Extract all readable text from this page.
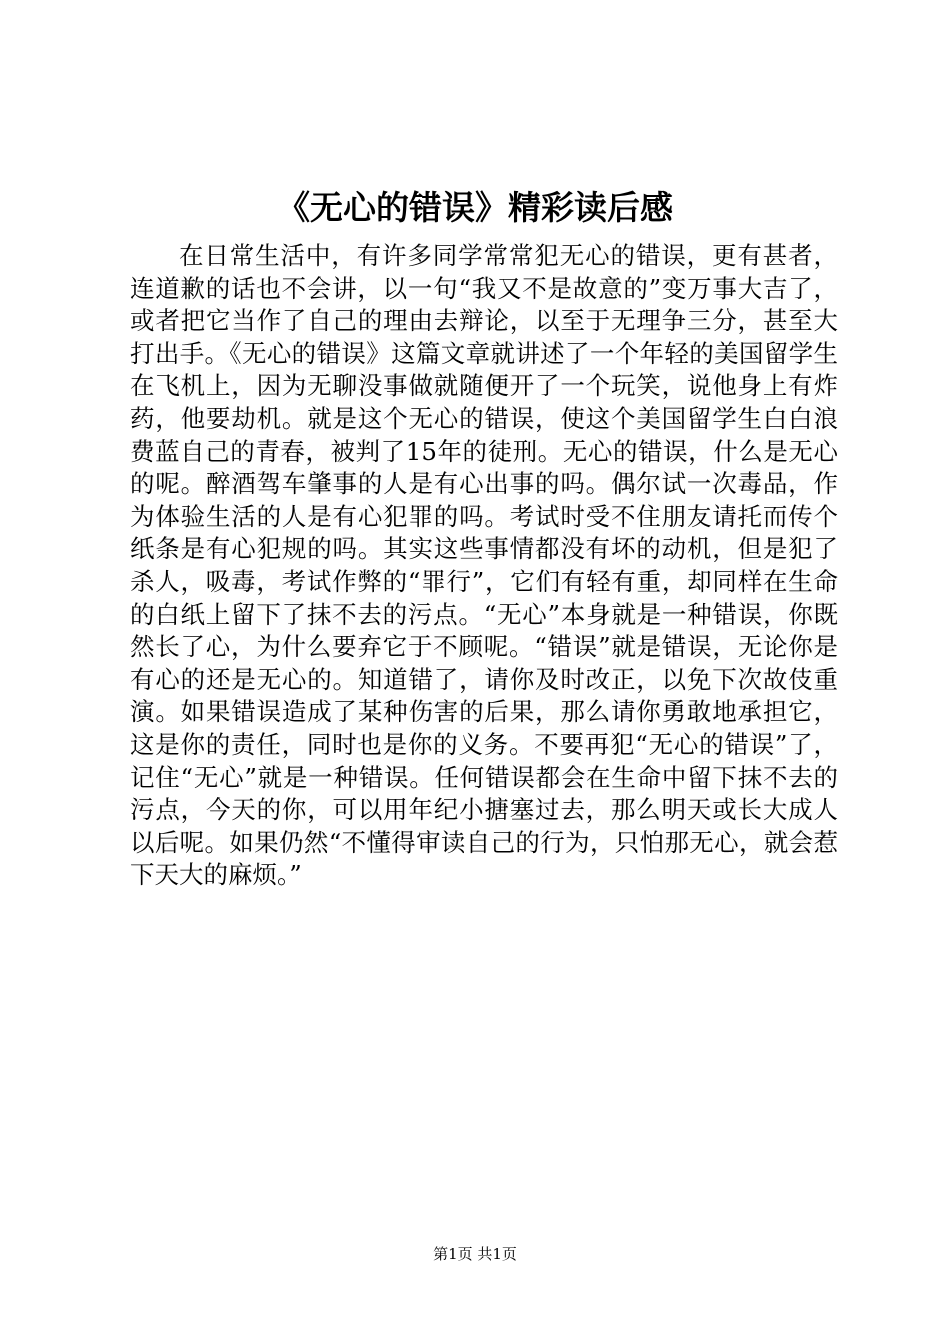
《无心的错误》精彩读后感

在日常生活中，有许多同学常常犯无心的错误，更有甚者，连道歉的话也不会讲，以一句“我又不是故意的”变万事大吉了，或者把它当作了自己的理由去辩论，以至于无理争三分，甚至大打出手。《无心的错误》这篇文章就讲述了一个年轻的美国留学生在飞机上，因为无聊没事做就随便开了一个玩笑，说他身上有炸药，他要劫机。就是这个无心的错误，使这个美国留学生白白浪费蓝自己的青春，被判了15年的徒刑。无心的错误，什么是无心的呢。醉酒驾车肇事的人是有心出事的吗。偶尔试一次毒品，作为体验生活的人是有心犯罪的吗。考试时受不住朋友请托而传个纸条是有心犯规的吗。其实这些事情都没有坏的动机，但是犯了杀人，吸毒，考试作弊的“罪行”，它们有轻有重，却同样在生命的白纸上留下了抹不去的污点。“无心”本身就是一种错误，你既然长了心，为什么要弃它于不顾呢。“错误”就是错误，无论你是有心的还是无心的。知道错了，请你及时改正，以免下次故伎重演。如果错误造成了某种伤害的后果，那么请你勇敢地承担它，这是你的责任，同时也是你的义务。不要再犯“无心的错误”了，记住“无心”就是一种错误。任何错误都会在生命中留下抹不去的污点，今天的你，可以用年纪小搪塞过去，那么明天或长大成人以后呢。如果仍然“不懂得审读自己的行为，只怕那无心，就会惹下天大的麻烦。”

第1页 共1页
